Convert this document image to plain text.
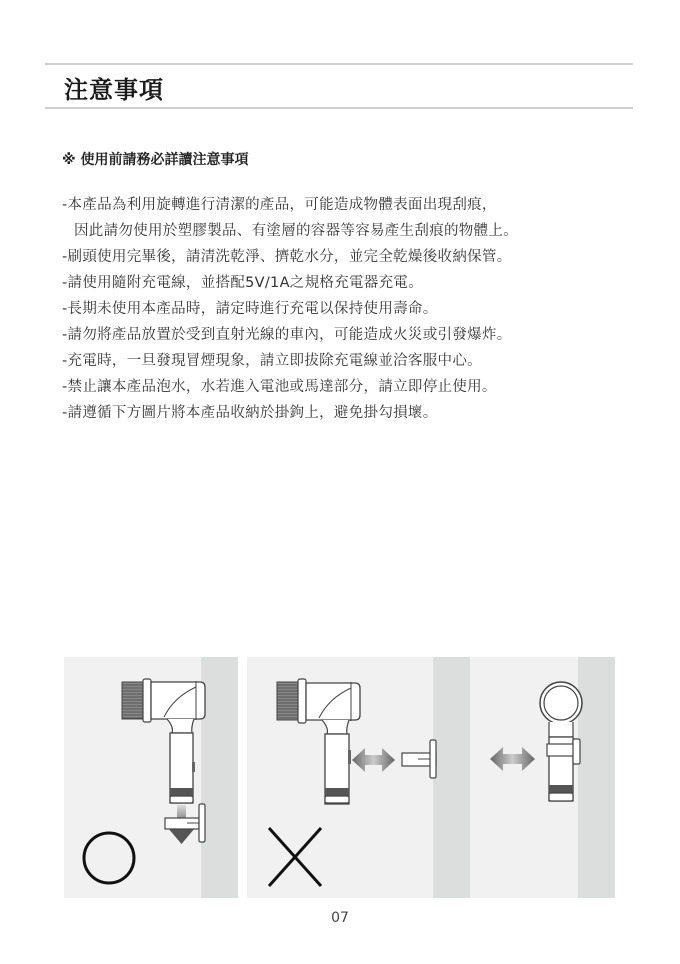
注意事項
※ 使用前請務必詳讀注意事項
-本產品為利用旋轉進行清潔的產品，可能造成物體表面出現刮痕，
因此請勿使用於塑膠製品、有塗層的容器等容易產生刮痕的物體上。
-刷頭使用完畢後，請清洗乾淨、擠乾水分，並完全乾燥後收納保管。
-請使用隨附充電線，並搭配5V/1A之規格充電器充電。
-長期未使用本產品時，請定時進行充電以保持使用壽命。
-請勿將產品放置於受到直射光線的車內，可能造成火災或引發爆炸。
-充電時，一旦發現冒煙現象，請立即拔除充電線並洽客服中心。
-禁止讓本產品泡水，水若進入電池或馬達部分，請立即停止使用。
-請遵循下方圖片將本產品收納於掛鉤上，避免掛勾損壞。
07
